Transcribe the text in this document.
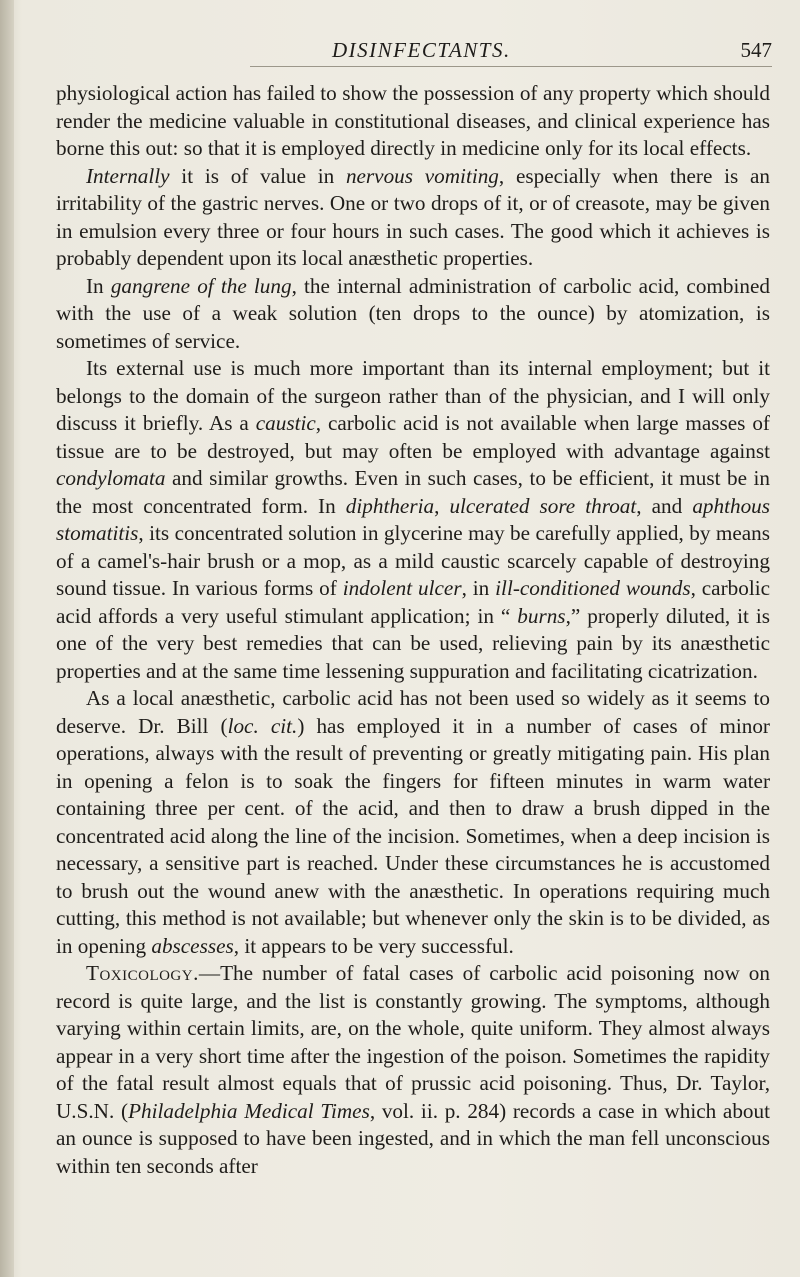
DISINFECTANTS.	547

physiological action has failed to show the possession of any property which should render the medicine valuable in constitutional diseases, and clinical experience has borne this out: so that it is employed directly in medicine only for its local effects.

Internally it is of value in nervous vomiting, especially when there is an irritability of the gastric nerves. One or two drops of it, or of creasote, may be given in emulsion every three or four hours in such cases. The good which it achieves is probably dependent upon its local anæsthetic properties.

In gangrene of the lung, the internal administration of carbolic acid, combined with the use of a weak solution (ten drops to the ounce) by atomization, is sometimes of service.

Its external use is much more important than its internal employment; but it belongs to the domain of the surgeon rather than of the physician, and I will only discuss it briefly. As a caustic, carbolic acid is not available when large masses of tissue are to be destroyed, but may often be employed with advantage against condylomata and similar growths. Even in such cases, to be efficient, it must be in the most concentrated form. In diphtheria, ulcerated sore throat, and aphthous stomatitis, its concentrated solution in glycerine may be carefully applied, by means of a camel's-hair brush or a mop, as a mild caustic scarcely capable of destroying sound tissue. In various forms of indolent ulcer, in ill-conditioned wounds, carbolic acid affords a very useful stimulant application; in “ burns,” properly diluted, it is one of the very best remedies that can be used, relieving pain by its anæsthetic properties and at the same time lessening suppuration and facilitating cicatrization.

As a local anæsthetic, carbolic acid has not been used so widely as it seems to deserve. Dr. Bill (loc. cit.) has employed it in a number of cases of minor operations, always with the result of preventing or greatly mitigating pain. His plan in opening a felon is to soak the fingers for fifteen minutes in warm water containing three per cent. of the acid, and then to draw a brush dipped in the concentrated acid along the line of the incision. Sometimes, when a deep incision is necessary, a sensitive part is reached. Under these circumstances he is accustomed to brush out the wound anew with the anæsthetic. In operations requiring much cutting, this method is not available; but whenever only the skin is to be divided, as in opening abscesses, it appears to be very successful.

Toxicology.—The number of fatal cases of carbolic acid poisoning now on record is quite large, and the list is constantly growing. The symptoms, although varying within certain limits, are, on the whole, quite uniform. They almost always appear in a very short time after the ingestion of the poison. Sometimes the rapidity of the fatal result almost equals that of prussic acid poisoning. Thus, Dr. Taylor, U.S.N. (Philadelphia Medical Times, vol. ii. p. 284) records a case in which about an ounce is supposed to have been ingested, and in which the man fell unconscious within ten seconds after
